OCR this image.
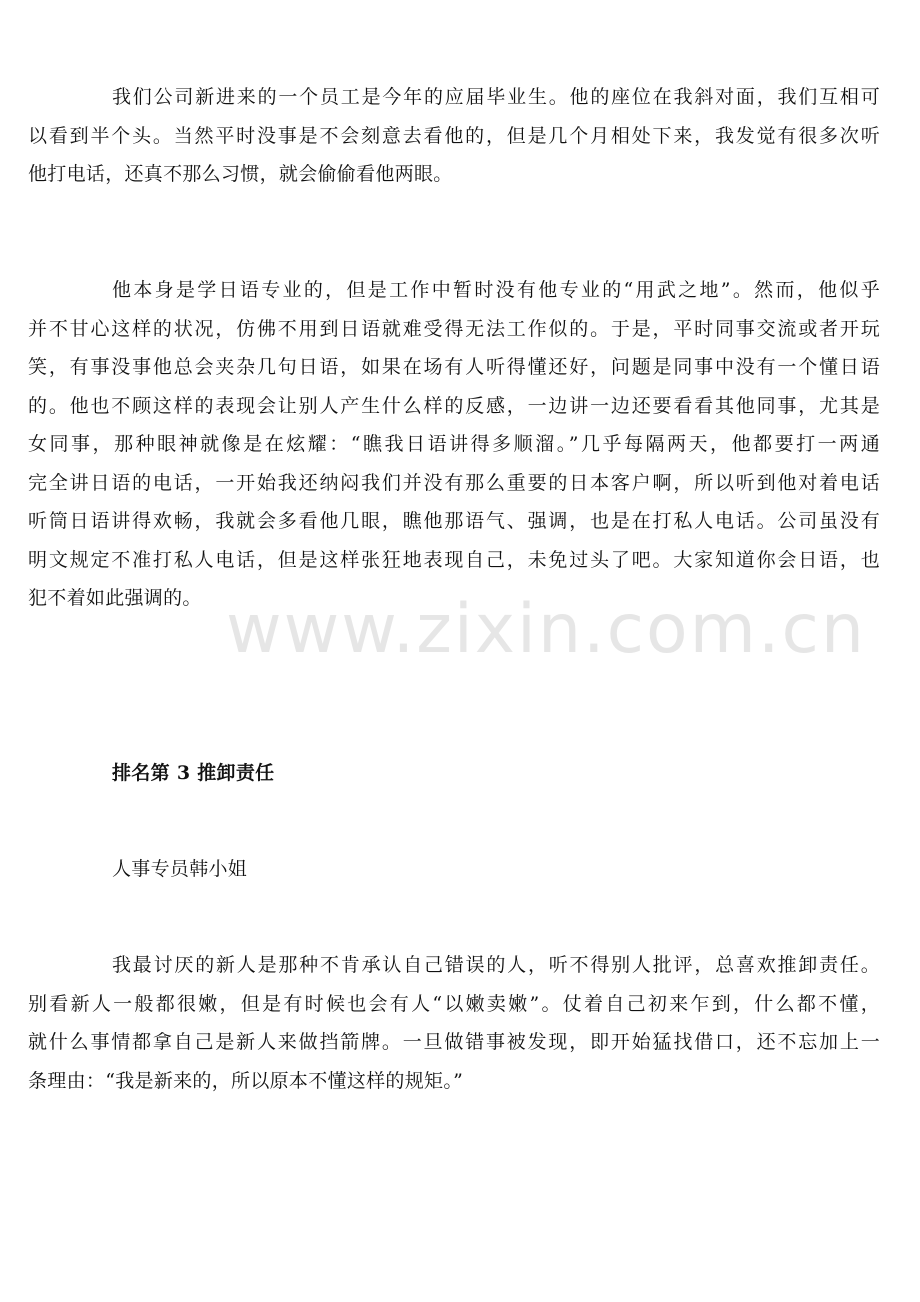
www.zixin.com.cn
我们公司新进来的一个员工是今年的应届毕业生。他的座位在我斜对面，我们互相可
以看到半个头。当然平时没事是不会刻意去看他的，但是几个月相处下来，我发觉有很多次听
他打电话，还真不那么习惯，就会偷偷看他两眼。
他本身是学日语专业的，但是工作中暂时没有他专业的“用武之地”。然而，他似乎
并不甘心这样的状况，仿佛不用到日语就难受得无法工作似的。于是，平时同事交流或者开玩
笑，有事没事他总会夹杂几句日语，如果在场有人听得懂还好，问题是同事中没有一个懂日语
的。他也不顾这样的表现会让别人产生什么样的反感，一边讲一边还要看看其他同事，尤其是
女同事，那种眼神就像是在炫耀：“瞧我日语讲得多顺溜。”几乎每隔两天，他都要打一两通
完全讲日语的电话，一开始我还纳闷我们并没有那么重要的日本客户啊，所以听到他对着电话
听筒日语讲得欢畅，我就会多看他几眼，瞧他那语气、强调，也是在打私人电话。公司虽没有
明文规定不准打私人电话，但是这样张狂地表现自己，未免过头了吧。大家知道你会日语，也
犯不着如此强调的。
排名第 3 推卸责任
人事专员韩小姐
我最讨厌的新人是那种不肯承认自己错误的人，听不得别人批评，总喜欢推卸责任。
别看新人一般都很嫩，但是有时候也会有人“以嫩卖嫩”。仗着自己初来乍到，什么都不懂，
就什么事情都拿自己是新人来做挡箭牌。一旦做错事被发现，即开始猛找借口，还不忘加上一
条理由：“我是新来的，所以原本不懂这样的规矩。”
